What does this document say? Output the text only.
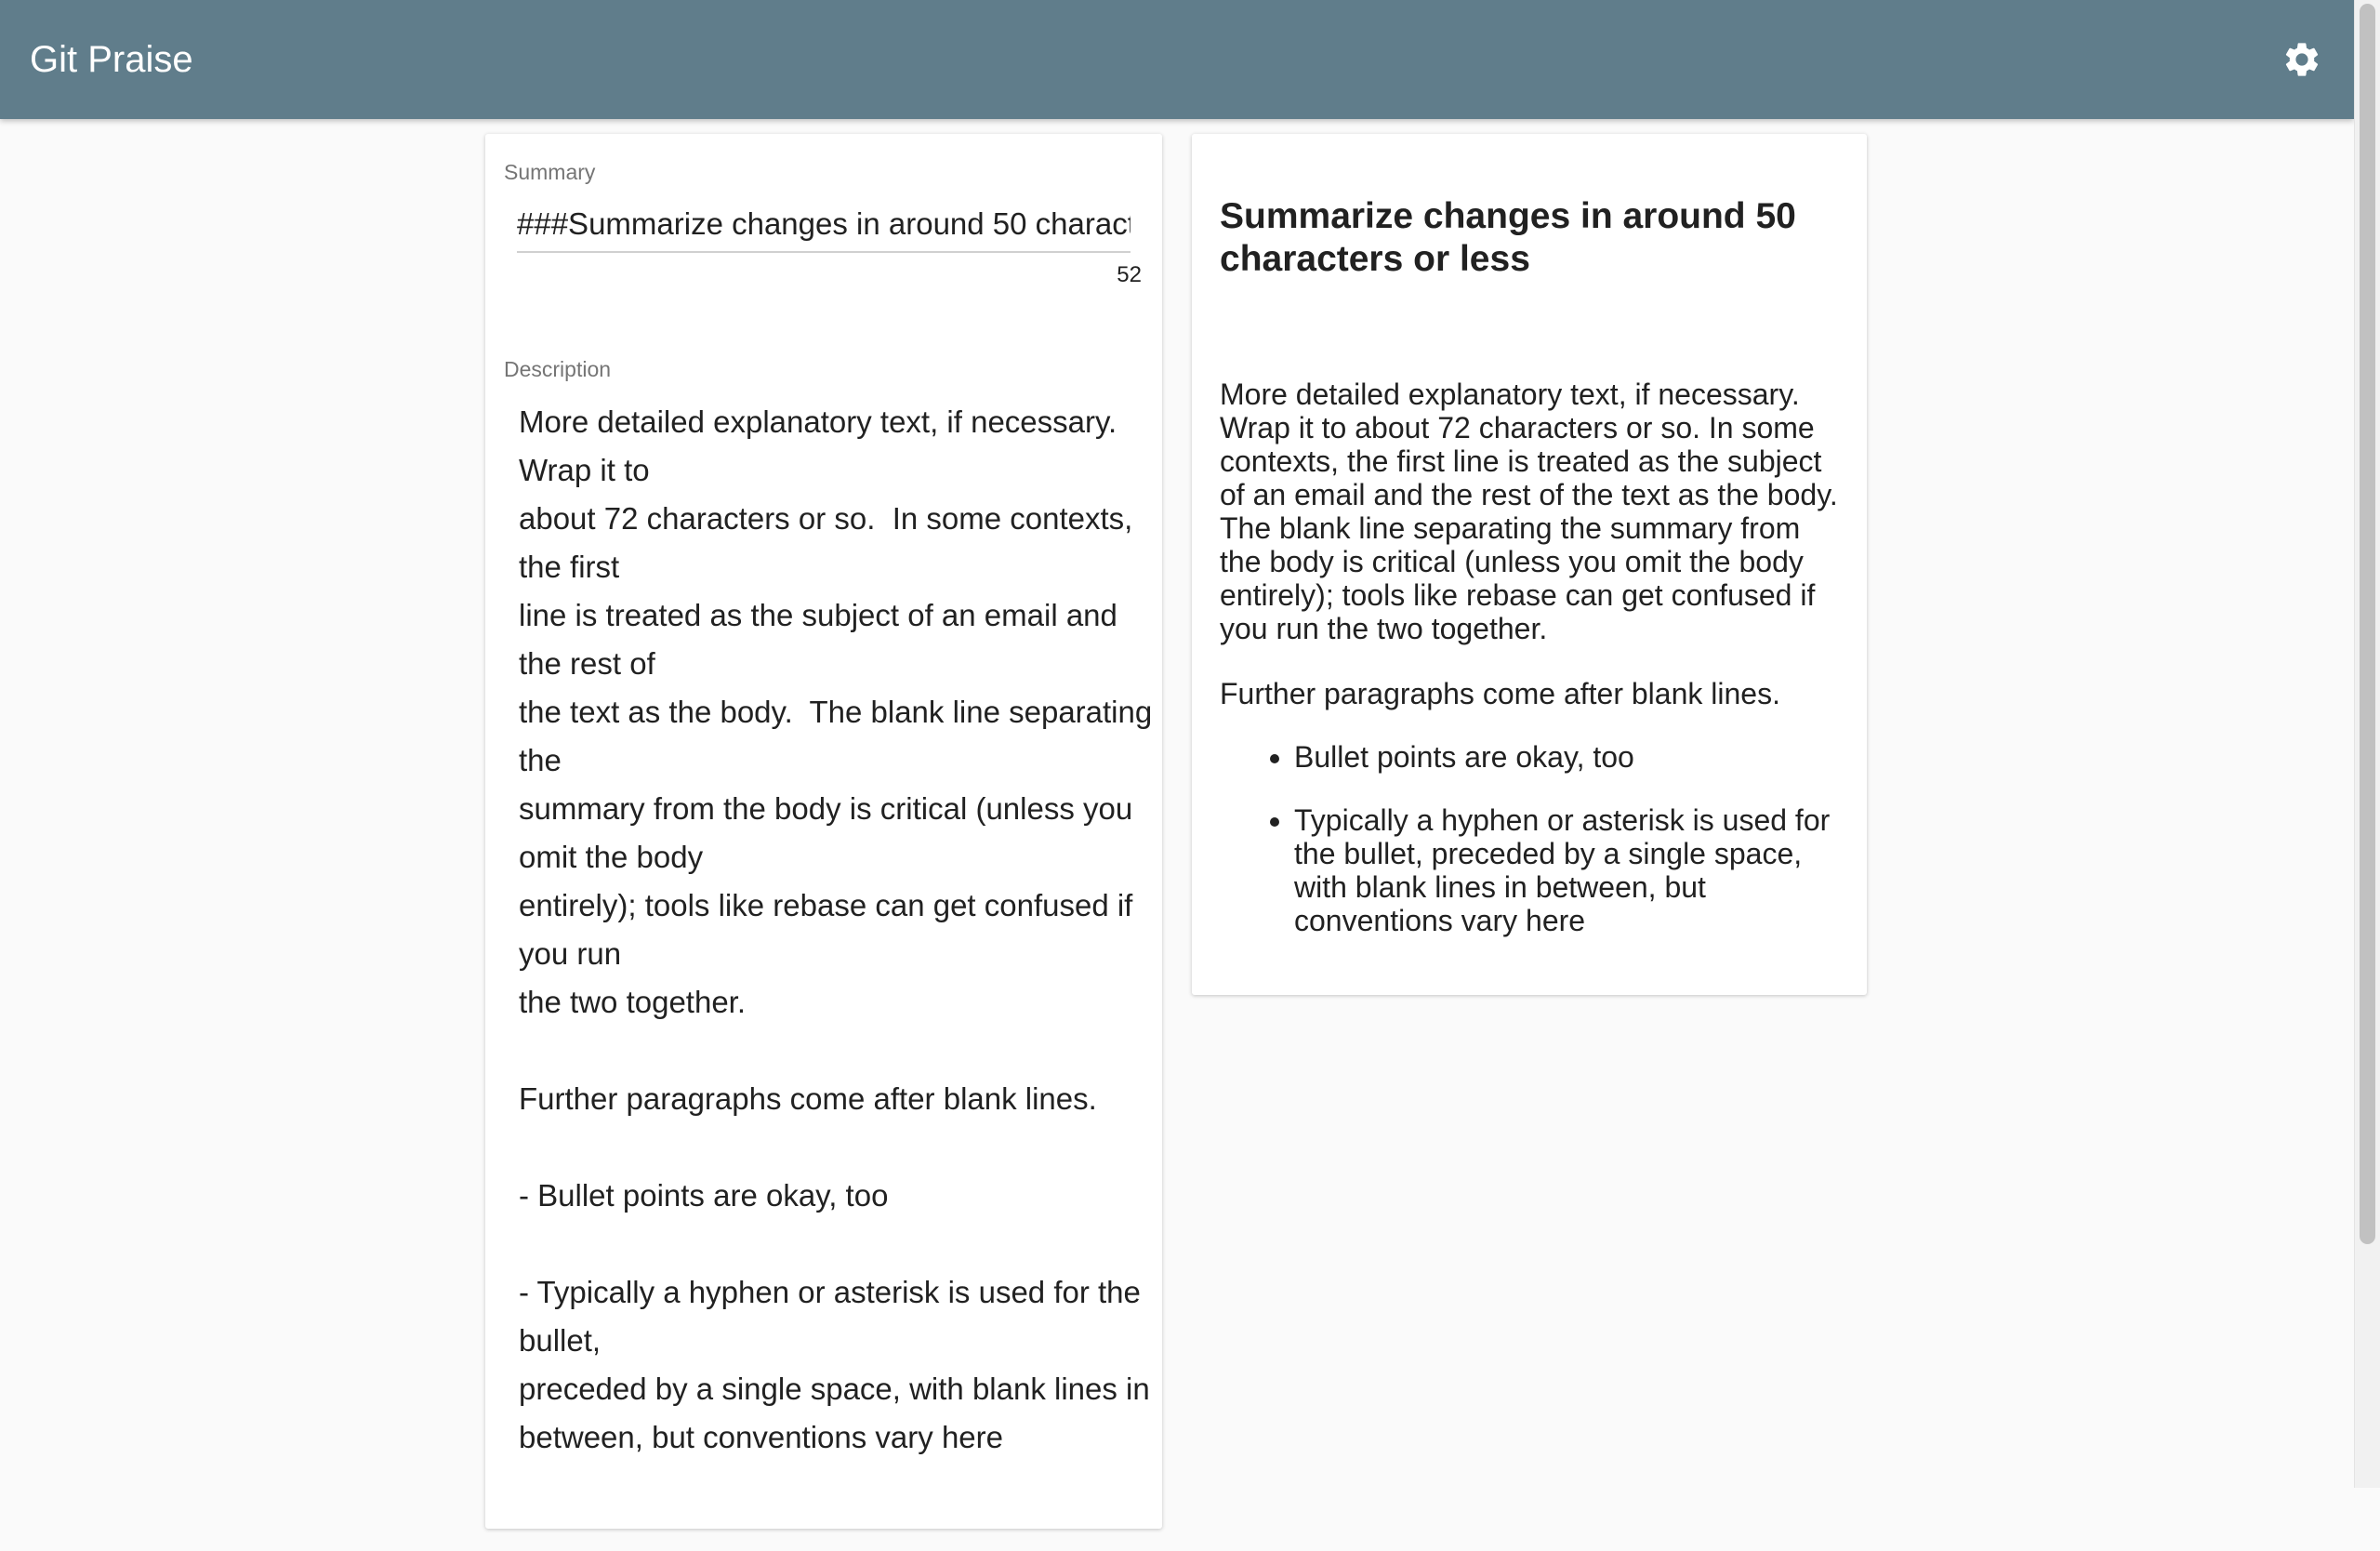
Git Praise
Summary
###Summarize changes in around 50 characters or less
52
Description
More detailed explanatory text, if necessary. Wrap it to about 72 characters or so. In some contexts, the first line is treated as the subject of an email and the rest of the text as the body. The blank line separating the summary from the body is critical (unless you omit the body entirely); tools like rebase can get confused if you run the two together. Further paragraphs come after blank lines. - Bullet points are okay, too - Typically a hyphen or asterisk is used for the bullet, preceded by a single space, with blank lines in between, but conventions vary here
Summarize changes in around 50 characters or less

More detailed explanatory text, if necessary. Wrap it to about 72 characters or so. In some contexts, the first line is treated as the subject of an email and the rest of the text as the body. The blank line separating the summary from the body is critical (unless you omit the body entirely); tools like rebase can get confused if you run the two together.

Further paragraphs come after blank lines.

• Bullet points are okay, too
• Typically a hyphen or asterisk is used for the bullet, preceded by a single space, with blank lines in between, but conventions vary here
